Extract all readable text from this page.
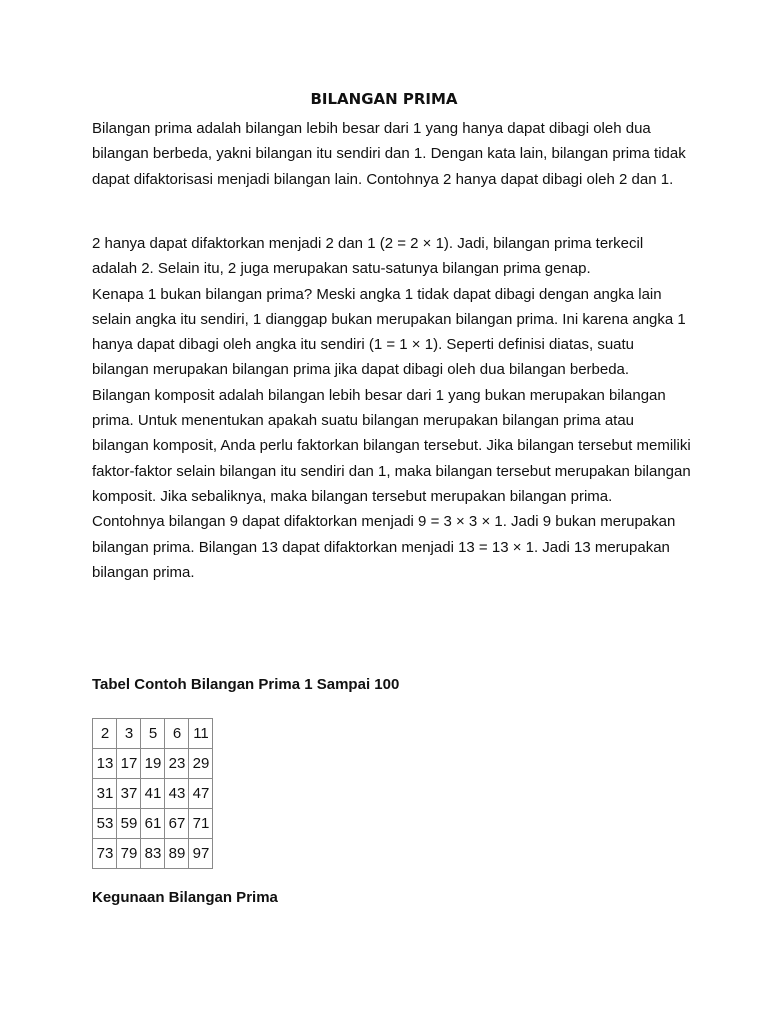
BILANGAN PRIMA

Bilangan prima adalah bilangan lebih besar dari 1 yang hanya dapat dibagi oleh dua bilangan berbeda, yakni bilangan itu sendiri dan 1. Dengan kata lain, bilangan prima tidak dapat difaktorisasi menjadi bilangan lain. Contohnya 2 hanya dapat dibagi oleh 2 dan 1.

2 hanya dapat difaktorkan menjadi 2 dan 1 (2 = 2 × 1). Jadi, bilangan prima terkecil adalah 2. Selain itu, 2 juga merupakan satu-satunya bilangan prima genap.

Kenapa 1 bukan bilangan prima? Meski angka 1 tidak dapat dibagi dengan angka lain selain angka itu sendiri, 1 dianggap bukan merupakan bilangan prima. Ini karena angka 1 hanya dapat dibagi oleh angka itu sendiri (1 = 1 × 1). Seperti definisi diatas, suatu bilangan merupakan bilangan prima jika dapat dibagi oleh dua bilangan berbeda.

Bilangan komposit adalah bilangan lebih besar dari 1 yang bukan merupakan bilangan prima. Untuk menentukan apakah suatu bilangan merupakan bilangan prima atau bilangan komposit, Anda perlu faktorkan bilangan tersebut. Jika bilangan tersebut memiliki faktor-faktor selain bilangan itu sendiri dan 1, maka bilangan tersebut merupakan bilangan komposit. Jika sebaliknya, maka bilangan tersebut merupakan bilangan prima.

Contohnya bilangan 9 dapat difaktorkan menjadi 9 = 3 × 3 × 1. Jadi 9 bukan merupakan bilangan prima. Bilangan 13 dapat difaktorkan menjadi 13 = 13 × 1. Jadi 13 merupakan bilangan prima.

Tabel Contoh Bilangan Prima 1 Sampai 100
2	3	5	6	11
13	17	19	23	29
31	37	41	43	47
53	59	61	67	71
73	79	83	89	97
Kegunaan Bilangan Prima
